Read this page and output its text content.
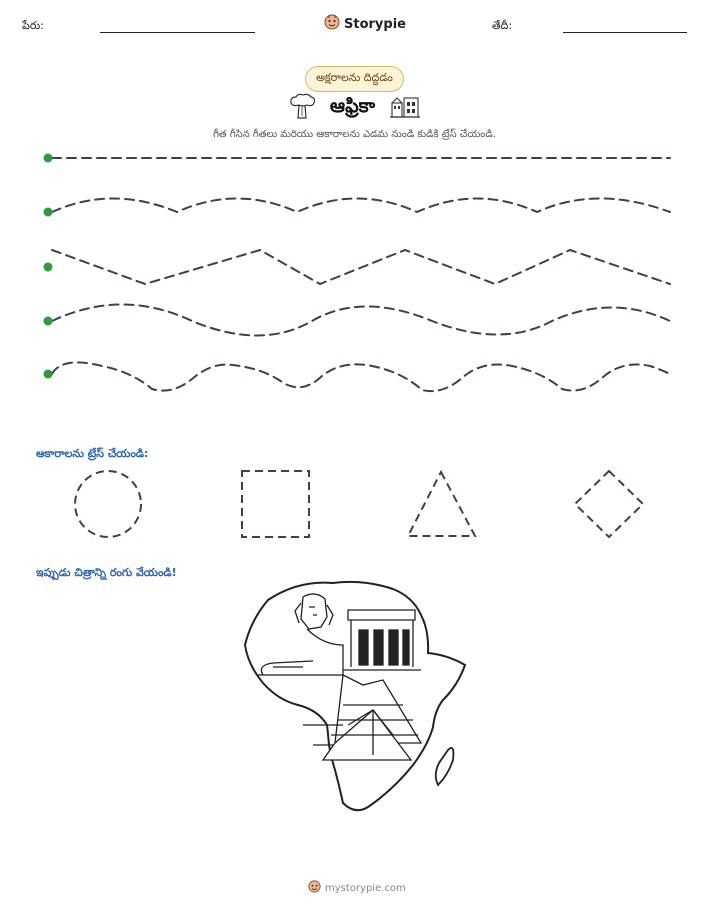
పేరు:	Storypie	తేదీ:
అక్షరాలను దిద్దడం
ఆఫ్రికా
గీత గీసిన గీతలు మరియు ఆకారాలను ఎడమ నుండి కుడికి ట్రేస్ చేయండి.
ఆకారాలను ట్రేస్ చేయండి:
ఇప్పుడు చిత్రాన్ని రంగు వేయండి!
mystorypie.com
